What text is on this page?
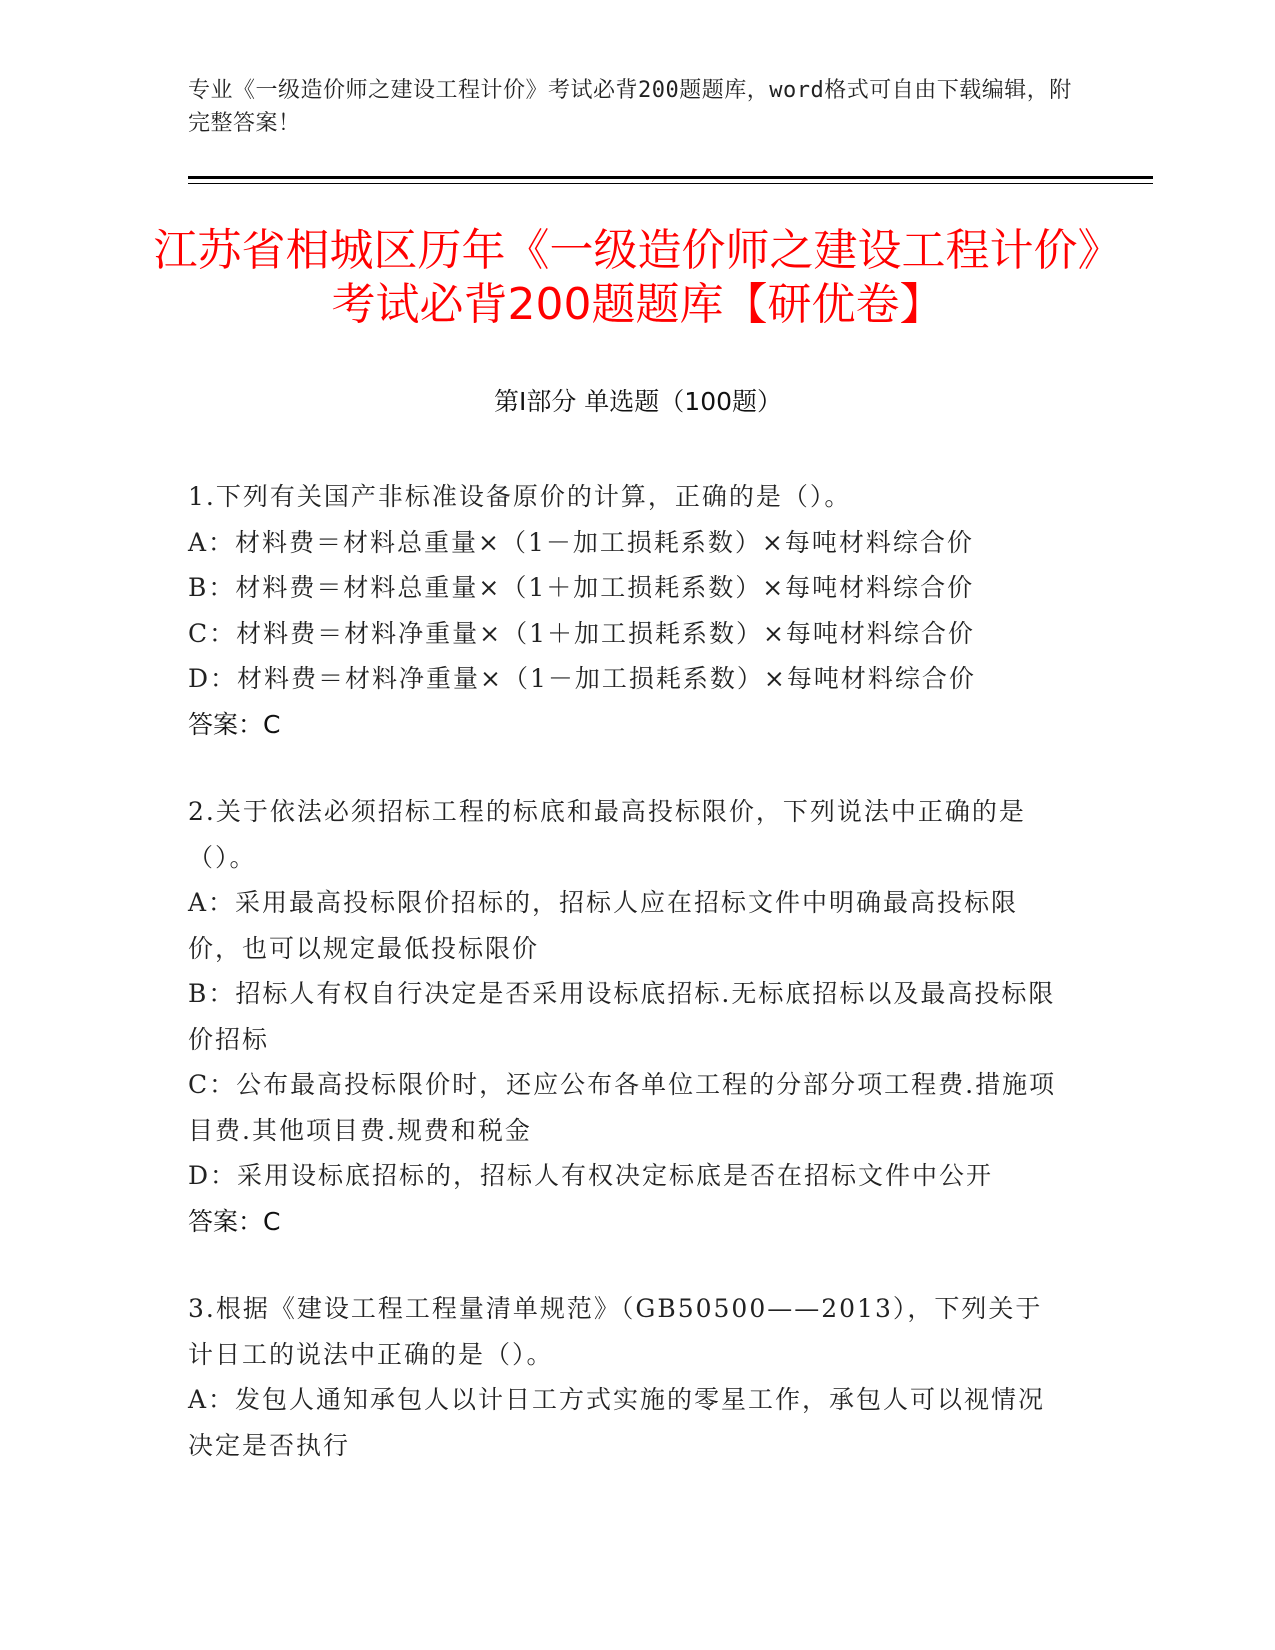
专业《一级造价师之建设工程计价》考试必背200题题库，word格式可自由下载编辑，附完整答案！
江苏省相城区历年《一级造价师之建设工程计价》考试必背200题题库【研优卷】
第Ⅰ部分 单选题（100题）
1.下列有关国产非标准设备原价的计算，正确的是（）。
A：材料费＝材料总重量×（1－加工损耗系数）×每吨材料综合价
B：材料费＝材料总重量×（1＋加工损耗系数）×每吨材料综合价
C：材料费＝材料净重量×（1＋加工损耗系数）×每吨材料综合价
D：材料费＝材料净重量×（1－加工损耗系数）×每吨材料综合价
答案：C
2.关于依法必须招标工程的标底和最高投标限价，下列说法中正确的是（）。
A：采用最高投标限价招标的，招标人应在招标文件中明确最高投标限价，也可以规定最低投标限价
B：招标人有权自行决定是否采用设标底招标.无标底招标以及最高投标限价招标
C：公布最高投标限价时，还应公布各单位工程的分部分项工程费.措施项目费.其他项目费.规费和税金
D：采用设标底招标的，招标人有权决定标底是否在招标文件中公开
答案：C
3.根据《建设工程工程量清单规范》（GB50500——2013），下列关于计日工的说法中正确的是（）。
A：发包人通知承包人以计日工方式实施的零星工作，承包人可以视情况决定是否执行
